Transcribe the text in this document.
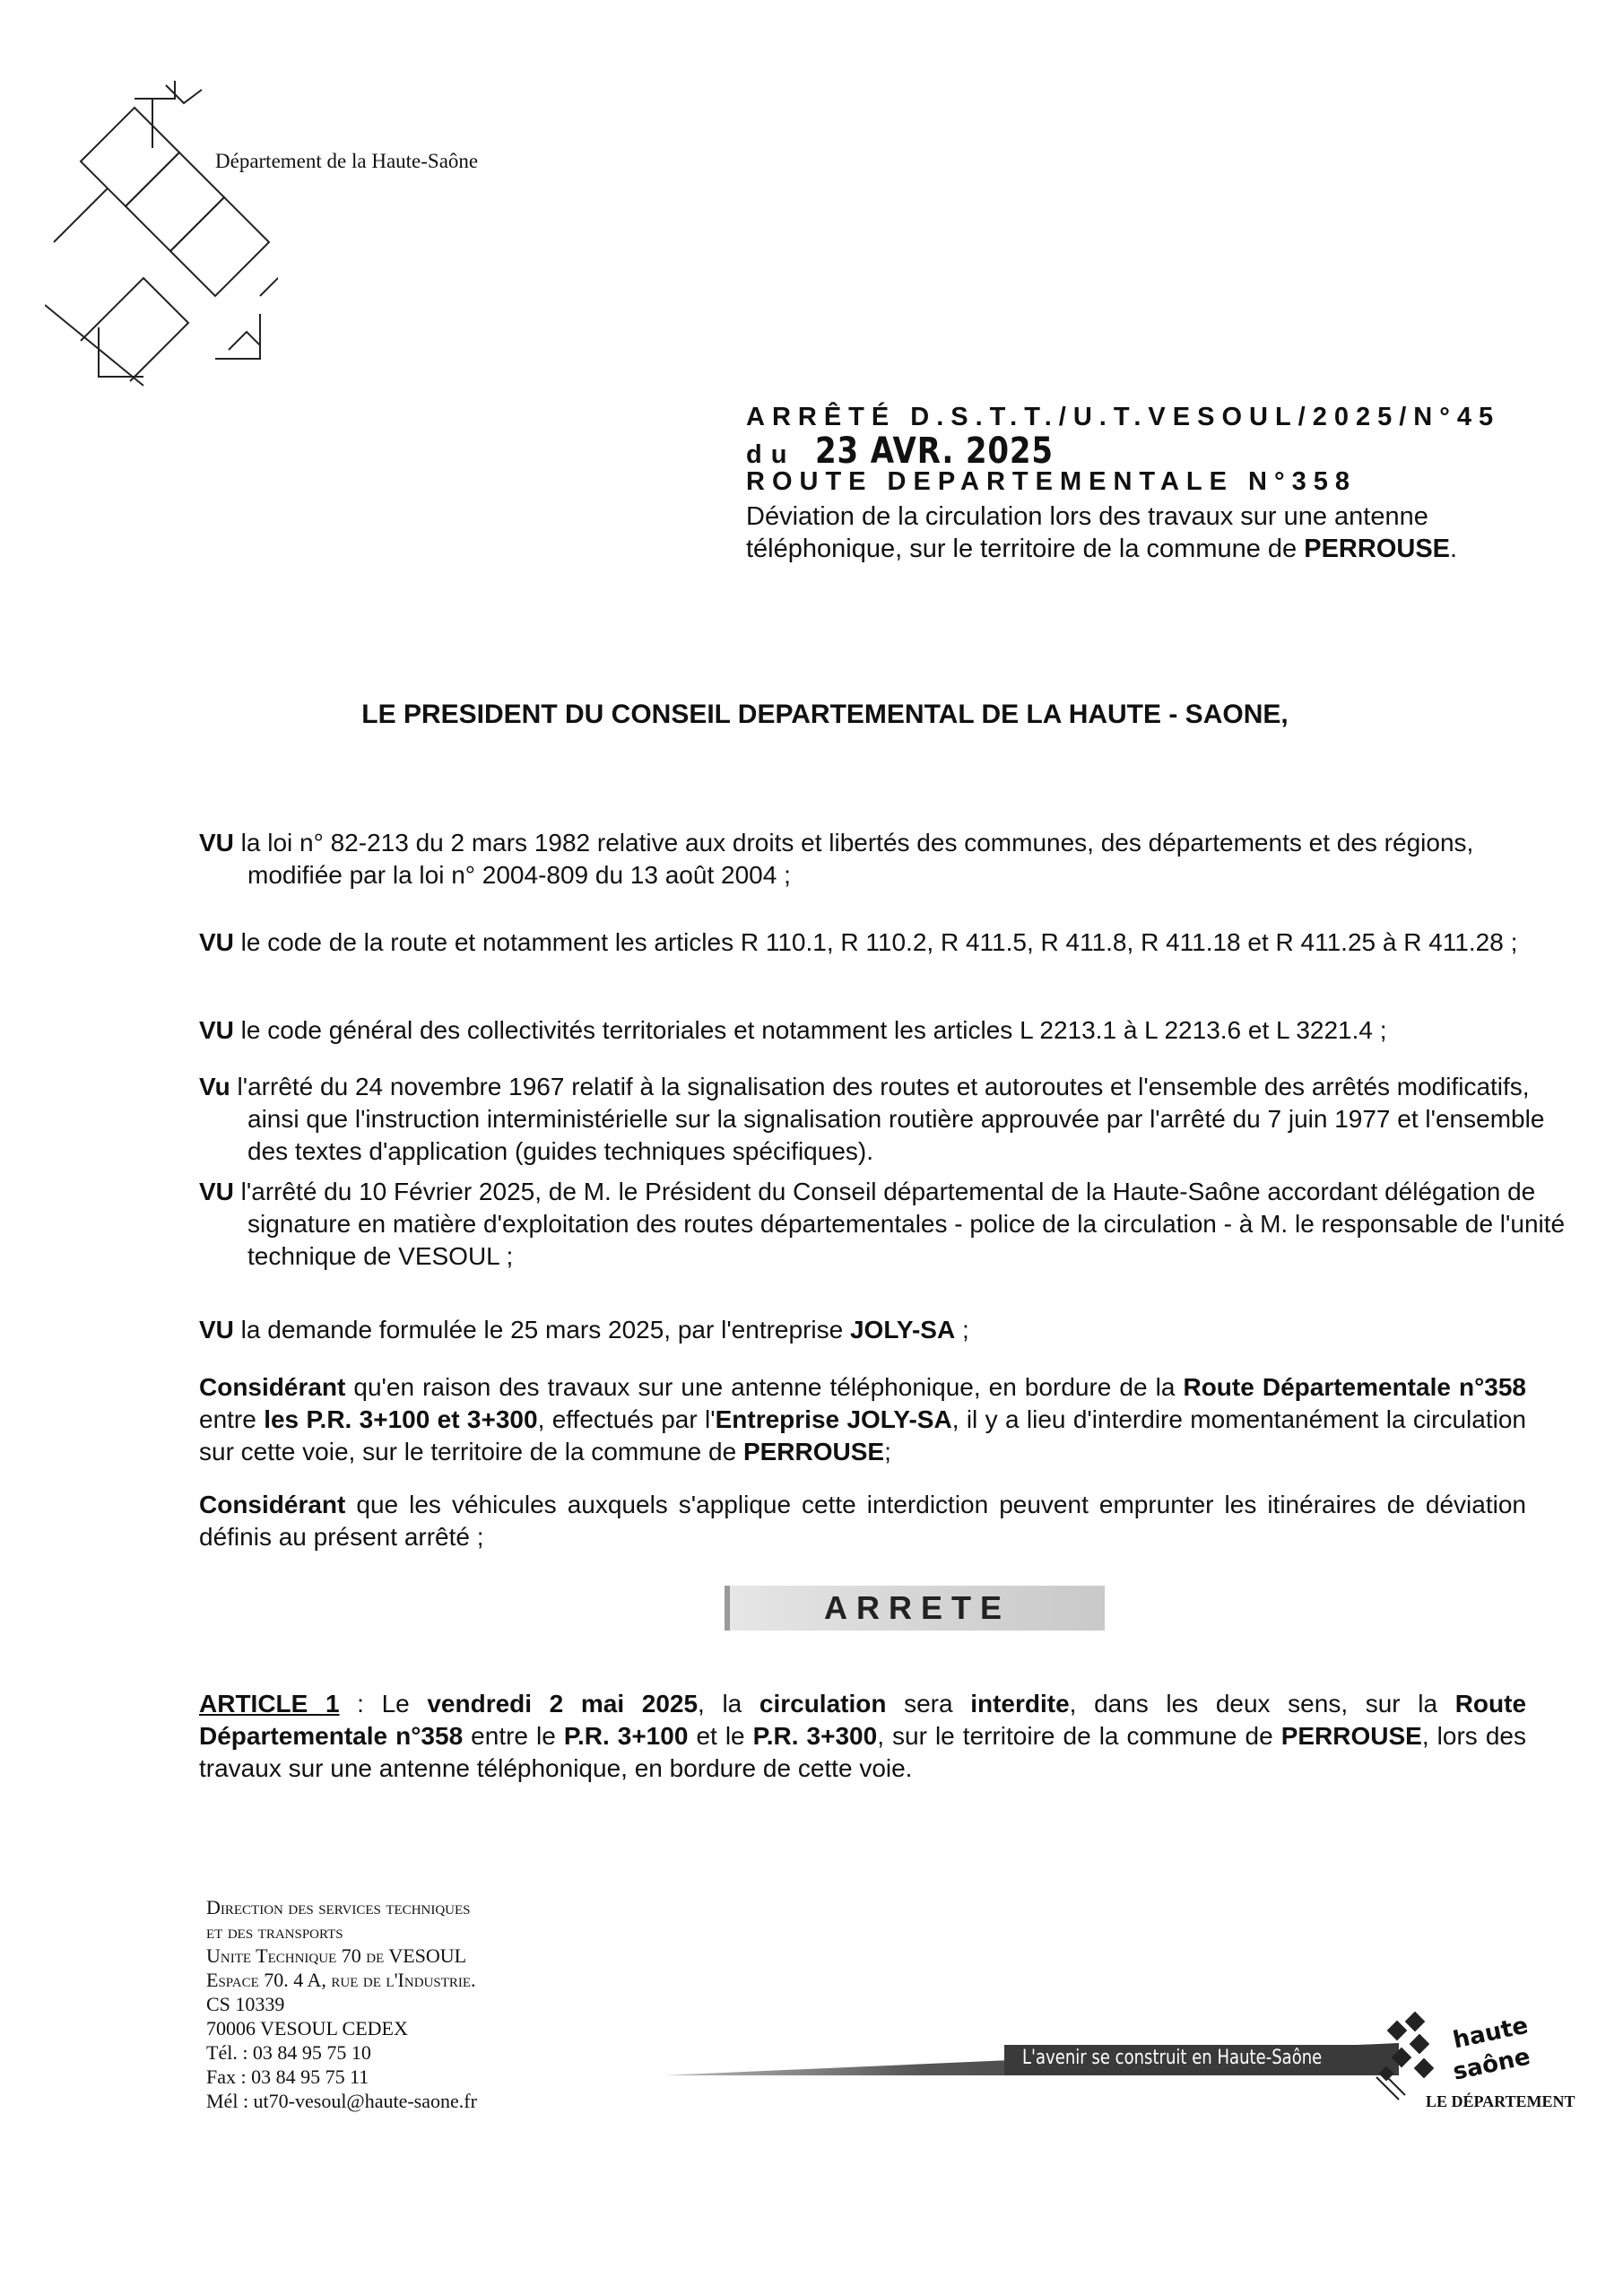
Département de la Haute-Saône
ARRÊTÉ D.S.T.T./U.T.VESOUL/2025/N°45
du 23 AVR. 2025
ROUTE DEPARTEMENTALE N°358
Déviation de la circulation lors des travaux sur une antenne
téléphonique, sur le territoire de la commune de PERROUSE.
LE PRESIDENT DU CONSEIL DEPARTEMENTAL DE LA HAUTE - SAONE,
VU la loi n° 82-213 du 2 mars 1982 relative aux droits et libertés des communes, des départements et des régions, modifiée par la loi n° 2004-809 du 13 août 2004 ;
VU le code de la route et notamment les articles R 110.1, R 110.2, R 411.5, R 411.8, R 411.18 et R 411.25 à R 411.28 ;
VU le code général des collectivités territoriales et notamment les articles L 2213.1 à L 2213.6 et L 3221.4 ;
Vu l'arrêté du 24 novembre 1967 relatif à la signalisation des routes et autoroutes et l'ensemble des arrêtés modificatifs, ainsi que l'instruction interministérielle sur la signalisation routière approuvée par l'arrêté du 7 juin 1977 et l'ensemble des textes d'application (guides techniques spécifiques).
VU l'arrêté du 10 Février 2025, de M. le Président du Conseil départemental de la Haute-Saône accordant délégation de signature en matière d'exploitation des routes départementales - police de la circulation - à M. le responsable de l'unité technique de VESOUL ;
VU la demande formulée le 25 mars 2025, par l'entreprise JOLY-SA ;
Considérant qu'en raison des travaux sur une antenne téléphonique, en bordure de la Route Départementale n°358 entre les P.R. 3+100 et 3+300, effectués par l'Entreprise JOLY-SA, il y a lieu d'interdire momentanément la circulation sur cette voie, sur le territoire de la commune de PERROUSE;
Considérant que les véhicules auxquels s'applique cette interdiction peuvent emprunter les itinéraires de déviation définis au présent arrêté ;
ARRETE
ARTICLE 1 : Le vendredi 2 mai 2025, la circulation sera interdite, dans les deux sens, sur la Route Départementale n°358 entre le P.R. 3+100 et le P.R. 3+300, sur le territoire de la commune de PERROUSE, lors des travaux sur une antenne téléphonique, en bordure de cette voie.
Direction des services techniques
et des transports
Unite Technique 70 de VESOUL
Espace 70. 4 A, rue de l'Industrie.
CS 10339
70006 VESOUL CEDEX
Tél. : 03 84 95 75 10
Fax : 03 84 95 75 11
Mél : ut70-vesoul@haute-saone.fr
L'avenir se construit en Haute-Saône
haute
saône
LE DÉPARTEMENT
